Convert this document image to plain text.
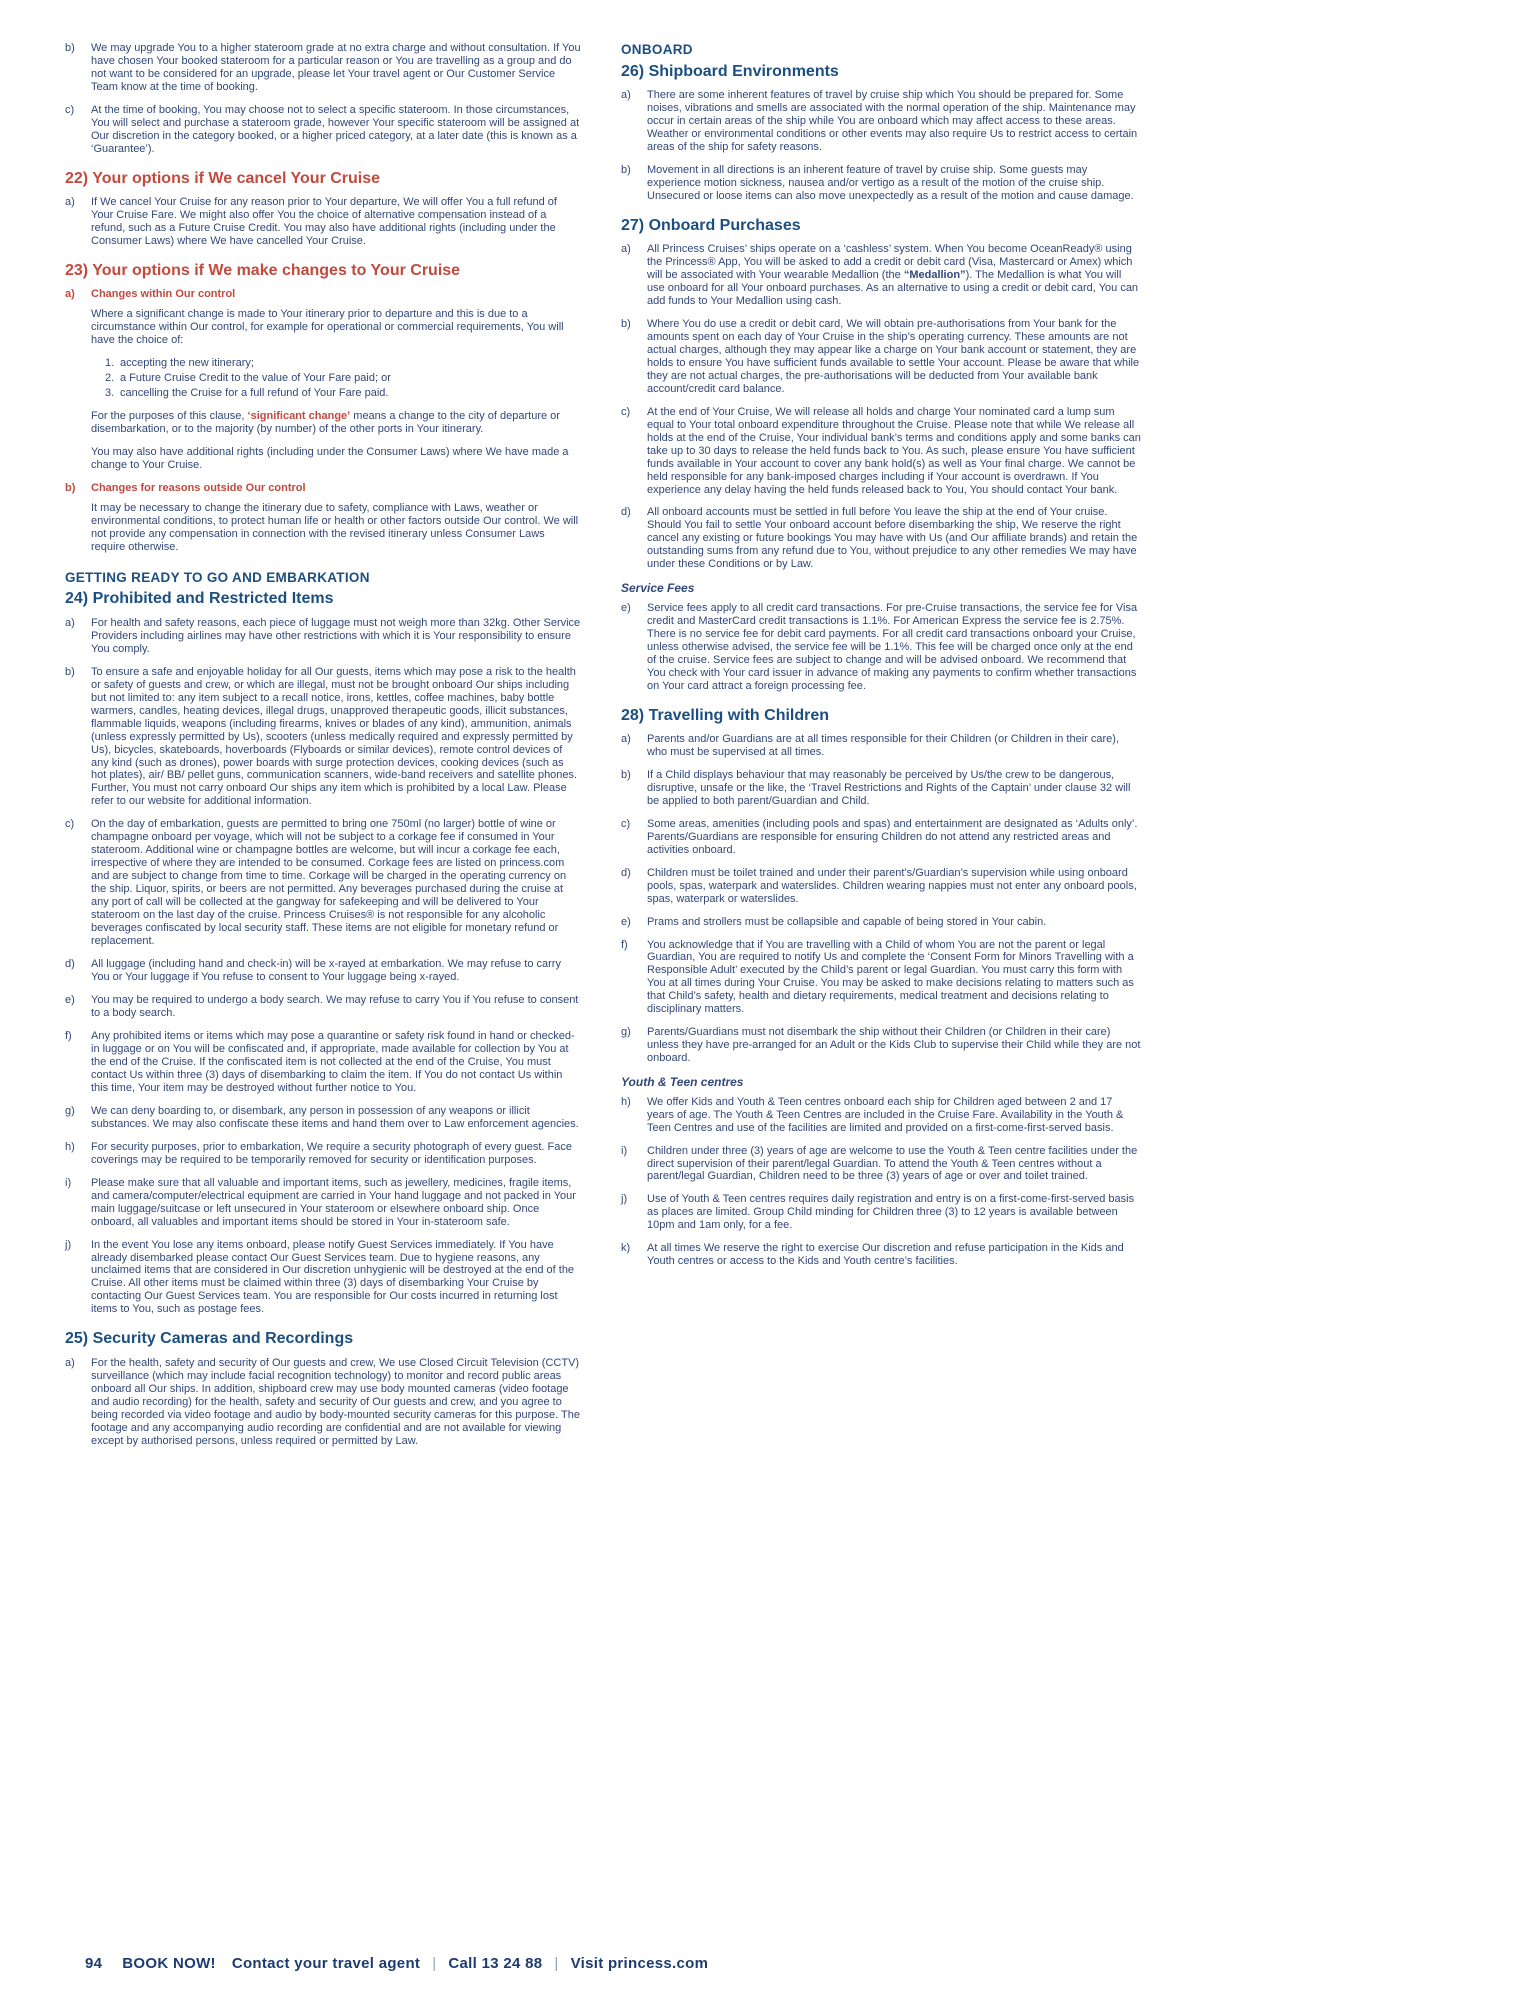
b)	We may upgrade You to a higher stateroom grade at no extra charge and without consultation. If You have chosen Your booked stateroom for a particular reason or You are travelling as a group and do not want to be considered for an upgrade, please let Your travel agent or Our Customer Service Team know at the time of booking.
c)	At the time of booking, You may choose not to select a specific stateroom. In those circumstances, You will select and purchase a stateroom grade, however Your specific stateroom will be assigned at Our discretion in the category booked, or a higher priced category, at a later date (this is known as a ‘Guarantee’).
22) Your options if We cancel Your Cruise
a)	If We cancel Your Cruise for any reason prior to Your departure, We will offer You a full refund of Your Cruise Fare. We might also offer You the choice of alternative compensation instead of a refund, such as a Future Cruise Credit. You may also have additional rights (including under the Consumer Laws) where We have cancelled Your Cruise.
23) Your options if We make changes to Your Cruise
a)	Changes within Our control

Where a significant change is made to Your itinerary prior to departure and this is due to a circumstance within Our control, for example for operational or commercial requirements, You will have the choice of:

1. accepting the new itinerary;
2. a Future Cruise Credit to the value of Your Fare paid; or
3. cancelling the Cruise for a full refund of Your Fare paid.

For the purposes of this clause, ‘significant change’ means a change to the city of departure or disembarkation, or to the majority (by number) of the other ports in Your itinerary.

You may also have additional rights (including under the Consumer Laws) where We have made a change to Your Cruise.

b)	Changes for reasons outside Our control

It may be necessary to change the itinerary due to safety, compliance with Laws, weather or environmental conditions, to protect human life or health or other factors outside Our control. We will not provide any compensation in connection with the revised itinerary unless Consumer Laws require otherwise.

GETTING READY TO GO AND EMBARKATION
24) Prohibited and Restricted Items
a)	For health and safety reasons, each piece of luggage must not weigh more than 32kg. Other Service Providers including airlines may have other restrictions with which it is Your responsibility to ensure You comply.
b)	To ensure a safe and enjoyable holiday for all Our guests, items which may pose a risk to the health or safety of guests and crew, or which are illegal, must not be brought onboard Our ships including but not limited to: any item subject to a recall notice, irons, kettles, coffee machines, baby bottle warmers, candles, heating devices, illegal drugs, unapproved therapeutic goods, illicit substances, flammable liquids, weapons (including firearms, knives or blades of any kind), ammunition, animals (unless expressly permitted by Us), scooters (unless medically required and expressly permitted by Us), bicycles, skateboards, hoverboards (Flyboards or similar devices), remote control devices of any kind (such as drones), power boards with surge protection devices, cooking devices (such as hot plates), air/ BB/ pellet guns, communication scanners, wide-band receivers and satellite phones. Further, You must not carry onboard Our ships any item which is prohibited by a local Law. Please refer to our website for additional information.
c)	On the day of embarkation, guests are permitted to bring one 750ml (no larger) bottle of wine or champagne onboard per voyage, which will not be subject to a corkage fee if consumed in Your stateroom. Additional wine or champagne bottles are welcome, but will incur a corkage fee each, irrespective of where they are intended to be consumed. Corkage fees are listed on princess.com and are subject to change from time to time. Corkage will be charged in the operating currency on the ship. Liquor, spirits, or beers are not permitted. Any beverages purchased during the cruise at any port of call will be collected at the gangway for safekeeping and will be delivered to Your stateroom on the last day of the cruise. Princess Cruises® is not responsible for any alcoholic beverages confiscated by local security staff. These items are not eligible for monetary refund or replacement.
d)	All luggage (including hand and check-in) will be x-rayed at embarkation. We may refuse to carry You or Your luggage if You refuse to consent to Your luggage being x-rayed.
e)	You may be required to undergo a body search. We may refuse to carry You if You refuse to consent to a body search.
f)	Any prohibited items or items which may pose a quarantine or safety risk found in hand or checked-in luggage or on You will be confiscated and, if appropriate, made available for collection by You at the end of the Cruise. If the confiscated item is not collected at the end of the Cruise, You must contact Us within three (3) days of disembarking to claim the item. If You do not contact Us within this time, Your item may be destroyed without further notice to You.
g)	We can deny boarding to, or disembark, any person in possession of any weapons or illicit substances. We may also confiscate these items and hand them over to Law enforcement agencies.
h)	For security purposes, prior to embarkation, We require a security photograph of every guest. Face coverings may be required to be temporarily removed for security or identification purposes.
i)	Please make sure that all valuable and important items, such as jewellery, medicines, fragile items, and camera/computer/electrical equipment are carried in Your hand luggage and not packed in Your main luggage/suitcase or left unsecured in Your stateroom or elsewhere onboard ship. Once onboard, all valuables and important items should be stored in Your in-stateroom safe.
j)	In the event You lose any items onboard, please notify Guest Services immediately. If You have already disembarked please contact Our Guest Services team. Due to hygiene reasons, any unclaimed items that are considered in Our discretion unhygienic will be destroyed at the end of the Cruise. All other items must be claimed within three (3) days of disembarking Your Cruise by contacting Our Guest Services team. You are responsible for Our costs incurred in returning lost items to You, such as postage fees.
25) Security Cameras and Recordings
a)	For the health, safety and security of Our guests and crew, We use Closed Circuit Television (CCTV) surveillance (which may include facial recognition technology) to monitor and record public areas onboard all Our ships. In addition, shipboard crew may use body mounted cameras (video footage and audio recording) for the health, safety and security of Our guests and crew, and you agree to being recorded via video footage and audio by body-mounted security cameras for this purpose. The footage and any accompanying audio recording are confidential and are not available for viewing except by authorised persons, unless required or permitted by Law.
ONBOARD
26) Shipboard Environments
a)	There are some inherent features of travel by cruise ship which You should be prepared for. Some noises, vibrations and smells are associated with the normal operation of the ship. Maintenance may occur in certain areas of the ship while You are onboard which may affect access to these areas. Weather or environmental conditions or other events may also require Us to restrict access to certain areas of the ship for safety reasons.
b)	Movement in all directions is an inherent feature of travel by cruise ship. Some guests may experience motion sickness, nausea and/or vertigo as a result of the motion of the cruise ship. Unsecured or loose items can also move unexpectedly as a result of the motion and cause damage.
27) Onboard Purchases
a)	All Princess Cruises’ ships operate on a ‘cashless’ system. When You become OceanReady® using the Princess® App, You will be asked to add a credit or debit card (Visa, Mastercard or Amex) which will be associated with Your wearable Medallion (the “Medallion”). The Medallion is what You will use onboard for all Your onboard purchases. As an alternative to using a credit or debit card, You can add funds to Your Medallion using cash.
b)	Where You do use a credit or debit card, We will obtain pre-authorisations from Your bank for the amounts spent on each day of Your Cruise in the ship’s operating currency. These amounts are not actual charges, although they may appear like a charge on Your bank account or statement, they are holds to ensure You have sufficient funds available to settle Your account. Please be aware that while they are not actual charges, the pre-authorisations will be deducted from Your available bank account/credit card balance.
c)	At the end of Your Cruise, We will release all holds and charge Your nominated card a lump sum equal to Your total onboard expenditure throughout the Cruise. Please note that while We release all holds at the end of the Cruise, Your individual bank’s terms and conditions apply and some banks can take up to 30 days to release the held funds back to You. As such, please ensure You have sufficient funds available in Your account to cover any bank hold(s) as well as Your final charge. We cannot be held responsible for any bank-imposed charges including if Your account is overdrawn. If You experience any delay having the held funds released back to You, You should contact Your bank.
d)	All onboard accounts must be settled in full before You leave the ship at the end of Your cruise. Should You fail to settle Your onboard account before disembarking the ship, We reserve the right cancel any existing or future bookings You may have with Us (and Our affiliate brands) and retain the outstanding sums from any refund due to You, without prejudice to any other remedies We may have under these Conditions or by Law.
Service Fees
e)	Service fees apply to all credit card transactions. For pre-Cruise transactions, the service fee for Visa credit and MasterCard credit transactions is 1.1%. For American Express the service fee is 2.75%. There is no service fee for debit card payments. For all credit card transactions onboard your Cruise, unless otherwise advised, the service fee will be 1.1%. This fee will be charged once only at the end of the cruise. Service fees are subject to change and will be advised onboard. We recommend that You check with Your card issuer in advance of making any payments to confirm whether transactions on Your card attract a foreign processing fee.
28) Travelling with Children
a)	Parents and/or Guardians are at all times responsible for their Children (or Children in their care), who must be supervised at all times.
b)	If a Child displays behaviour that may reasonably be perceived by Us/the crew to be dangerous, disruptive, unsafe or the like, the ‘Travel Restrictions and Rights of the Captain’ under clause 32 will be applied to both parent/Guardian and Child.
c)	Some areas, amenities (including pools and spas) and entertainment are designated as ‘Adults only’. Parents/Guardians are responsible for ensuring Children do not attend any restricted areas and activities onboard.
d)	Children must be toilet trained and under their parent’s/Guardian’s supervision while using onboard pools, spas, waterpark and waterslides. Children wearing nappies must not enter any onboard pools, spas, waterpark or waterslides.
e)	Prams and strollers must be collapsible and capable of being stored in Your cabin.
f)	You acknowledge that if You are travelling with a Child of whom You are not the parent or legal Guardian, You are required to notify Us and complete the ‘Consent Form for Minors Travelling with a Responsible Adult’ executed by the Child’s parent or legal Guardian. You must carry this form with You at all times during Your Cruise. You may be asked to make decisions relating to matters such as that Child’s safety, health and dietary requirements, medical treatment and decisions relating to disciplinary matters.
g)	Parents/Guardians must not disembark the ship without their Children (or Children in their care) unless they have pre-arranged for an Adult or the Kids Club to supervise their Child while they are not onboard.
Youth & Teen centres
h)	We offer Kids and Youth & Teen centres onboard each ship for Children aged between 2 and 17 years of age. The Youth & Teen Centres are included in the Cruise Fare. Availability in the Youth & Teen Centres and use of the facilities are limited and provided on a first-come-first-served basis.
i)	Children under three (3) years of age are welcome to use the Youth & Teen centre facilities under the direct supervision of their parent/legal Guardian. To attend the Youth & Teen centres without a parent/legal Guardian, Children need to be three (3) years of age or over and toilet trained.
j)	Use of Youth & Teen centres requires daily registration and entry is on a first-come-first-served basis as places are limited. Group Child minding for Children three (3) to 12 years is available between 10pm and 1am only, for a fee.
k)	At all times We reserve the right to exercise Our discretion and refuse participation in the Kids and Youth centres or access to the Kids and Youth centre’s facilities.
94 BOOK NOW! Contact your travel agent | Call 13 24 88 | Visit princess.com
